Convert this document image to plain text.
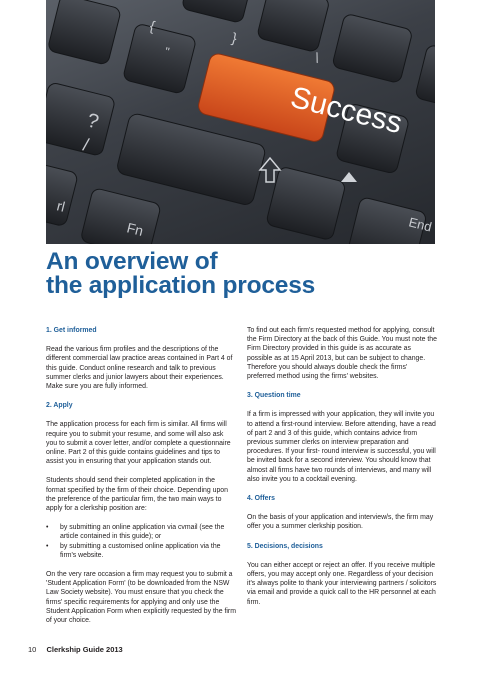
Success
?
/
{
}
"	\
Fn	End
rl
An overview of
the application process
1. Get informed

Read the various firm profiles and the descriptions of the different commercial law practice areas contained in Part 4 of this guide. Conduct online research and talk to previous summer clerks and junior lawyers about their experiences. Make sure you are fully informed.

2. Apply

The application process for each firm is similar. All firms will require you to submit your resume, and some will also ask you to submit a cover letter, and/or complete a questionnaire online. Part 2 of this guide contains guidelines and tips to assist you in ensuring that your application stands out.

Students should send their completed application in the format specified by the firm of their choice. Depending upon the preference of the particular firm, the two main ways to apply for a clerkship position are:

• by submitting an online application via cvmail (see the article contained in this guide); or
• by submitting a customised online application via the firm's website.

On the very rare occasion a firm may request you to submit a 'Student Application Form' (to be downloaded from the NSW Law Society website). You must ensure that you check the firms' specific requirements for applying and only use the Student Application Form when explicitly requested by the firm of your choice.

To find out each firm's requested method for applying, consult the Firm Directory at the back of this Guide. You must note the Firm Directory provided in this guide is as accurate as possible as at 15 April 2013, but can be subject to change. Therefore you should always double check the firms' preferred method using the firms' websites.

3. Question time

If a firm is impressed with your application, they will invite you to attend a first-round interview. Before attending, have a read of part 2 and 3 of this guide, which contains advice from previous summer clerks on interview preparation and procedures. If your first- round interview is successful, you will be invited back for a second interview. You should know that almost all firms have two rounds of interviews, and many will also invite you to a cocktail evening.

4. Offers

On the basis of your application and interview/s, the firm may offer you a summer clerkship position.

5. Decisions, decisions

You can either accept or reject an offer. If you receive multiple offers, you may accept only one. Regardless of your decision it's always polite to thank your interviewing partners / solicitors via email and provide a quick call to the HR personnel at each firm.

10 Clerkship Guide 2013
